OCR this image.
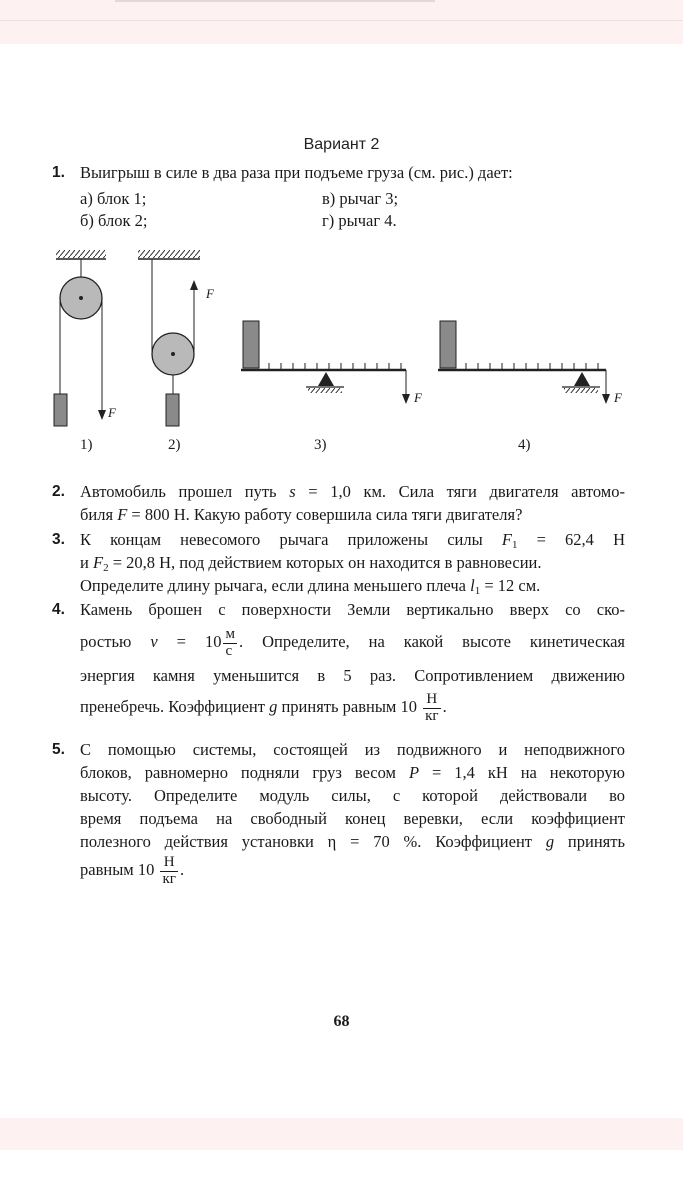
Вариант 2
1. Выигрыш в силе в два раза при подъеме груза (см. рис.) дает:
а) блок 1;
б) блок 2;
в) рычаг 3;
г) рычаг 4.
F
1)
F
2)
F
3)
F
4)
2. Автомобиль прошел путь s = 1,0 км. Сила тяги двигателя автомо-
биля F = 800 Н. Какую работу совершила сила тяги двигателя?
3. К концам невесомого рычага приложены силы $F_1 = 62,4$ Н
и $F_2 = 20,8$ Н, под действием которых он находится в равновесии.
Определите длину рычага, если длина меньшего плеча $l_1 = 12$ см.
4. Камень брошен с поверхности Земли вертикально вверх со ско-
ростью $v = 10 \frac{м}{с}$ . Определите, на какой высоте кинетическая
энергия камня уменьшится в 5 раз. Сопротивлением движению
пренебречь. Коэффициент g принять равным $10 \frac{Н}{кг}$ .
5. С помощью системы, состоящей из подвижного и неподвижного
блоков, равномерно подняли груз весом P = 1,4 кН на некоторую
высоту. Определите модуль силы, с которой действовали во
время подъема на свободный конец веревки, если коэффициент
полезного действия установки η = 70 %. Коэффициент g принять
равным $10 \frac{Н}{кг}$ .
68
